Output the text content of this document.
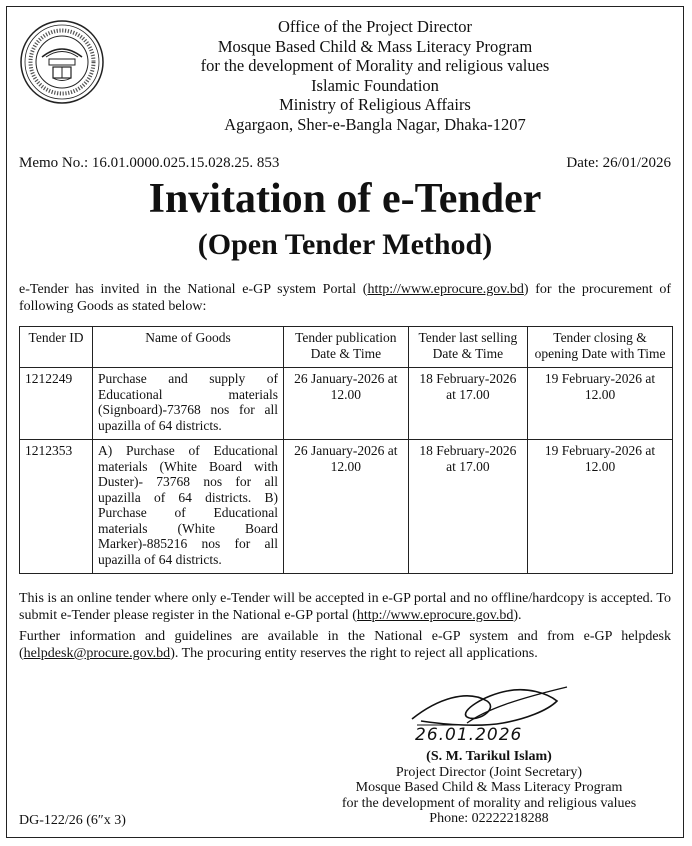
Office of the Project Director
Mosque Based Child & Mass Literacy Program
for the development of Morality and religious values
Islamic Foundation
Ministry of Religious Affairs
Agargaon, Sher-e-Bangla Nagar, Dhaka-1207
Memo No.: 16.01.0000.025.15.028.25. 853	Date: 26/01/2026
Invitation of e-Tender
(Open Tender Method)
e-Tender has invited in the National e-GP system Portal (http://www.eprocure.gov.bd) for the procurement of following Goods as stated below:
Tender ID	Name of Goods	Tender publication Date & Time	Tender last selling Date & Time	Tender closing & opening Date with Time
1212249	Purchase and supply of Educational materials (Signboard)-73768 nos for all upazilla of 64 districts.	26 January-2026 at 12.00	18 February-2026 at 17.00	19 February-2026 at 12.00
1212353	A) Purchase of Educational materials (White Board with Duster)- 73768 nos for all upazilla of 64 districts. B) Purchase of Educational materials (White Board Marker)-885216 nos for all upazilla of 64 districts.	26 January-2026 at 12.00	18 February-2026 at 17.00	19 February-2026 at 12.00
This is an online tender where only e-Tender will be accepted in e-GP portal and no offline/hardcopy is accepted. To submit e-Tender please register in the National e-GP portal (http://www.eprocure.gov.bd).
Further information and guidelines are available in the National e-GP system and from e-GP helpdesk (helpdesk@procure.gov.bd). The procuring entity reserves the right to reject all applications.
26.01.2026
(S. M. Tarikul Islam)
Project Director (Joint Secretary)
Mosque Based Child & Mass Literacy Program
for the development of morality and religious values
Phone: 02222218288
DG-122/26 (6″x 3)
